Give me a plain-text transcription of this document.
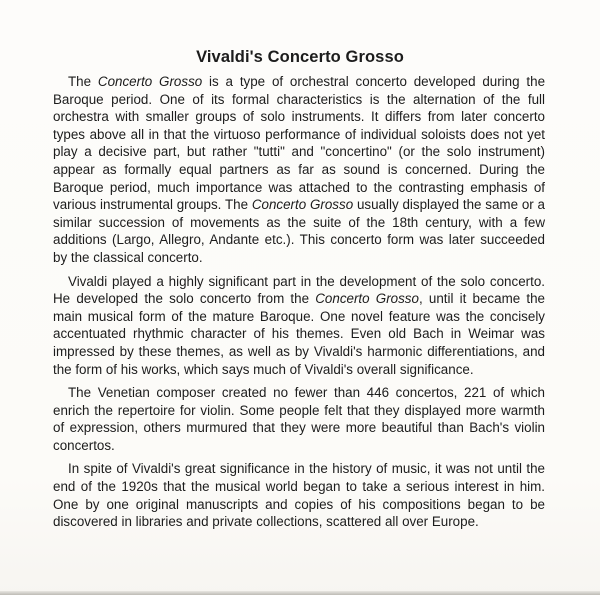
Vivaldi's Concerto Grosso

The Concerto Grosso is a type of orchestral concerto developed during the Baroque period. One of its formal characteristics is the alternation of the full orchestra with smaller groups of solo instruments. It differs from later concerto types above all in that the virtuoso performance of individual soloists does not yet play a decisive part, but rather "tutti" and "concertino" (or the solo instrument) appear as formally equal partners as far as sound is concerned. During the Baroque period, much importance was attached to the contrasting emphasis of various instrumental groups. The Concerto Grosso usually displayed the same or a similar succession of movements as the suite of the 18th century, with a few additions (Largo, Allegro, Andante etc.). This concerto form was later succeeded by the classical concerto.

Vivaldi played a highly significant part in the development of the solo concerto. He developed the solo concerto from the Concerto Grosso, until it became the main musical form of the mature Baroque. One novel feature was the concisely accentuated rhythmic character of his themes. Even old Bach in Weimar was impressed by these themes, as well as by Vivaldi's harmonic differentiations, and the form of his works, which says much of Vivaldi's overall significance.

The Venetian composer created no fewer than 446 concertos, 221 of which enrich the repertoire for violin. Some people felt that they displayed more warmth of expression, others murmured that they were more beautiful than Bach's violin concertos.

In spite of Vivaldi's great significance in the history of music, it was not until the end of the 1920s that the musical world began to take a serious interest in him. One by one original manuscripts and copies of his compositions began to be discovered in libraries and private collections, scattered all over Europe.
